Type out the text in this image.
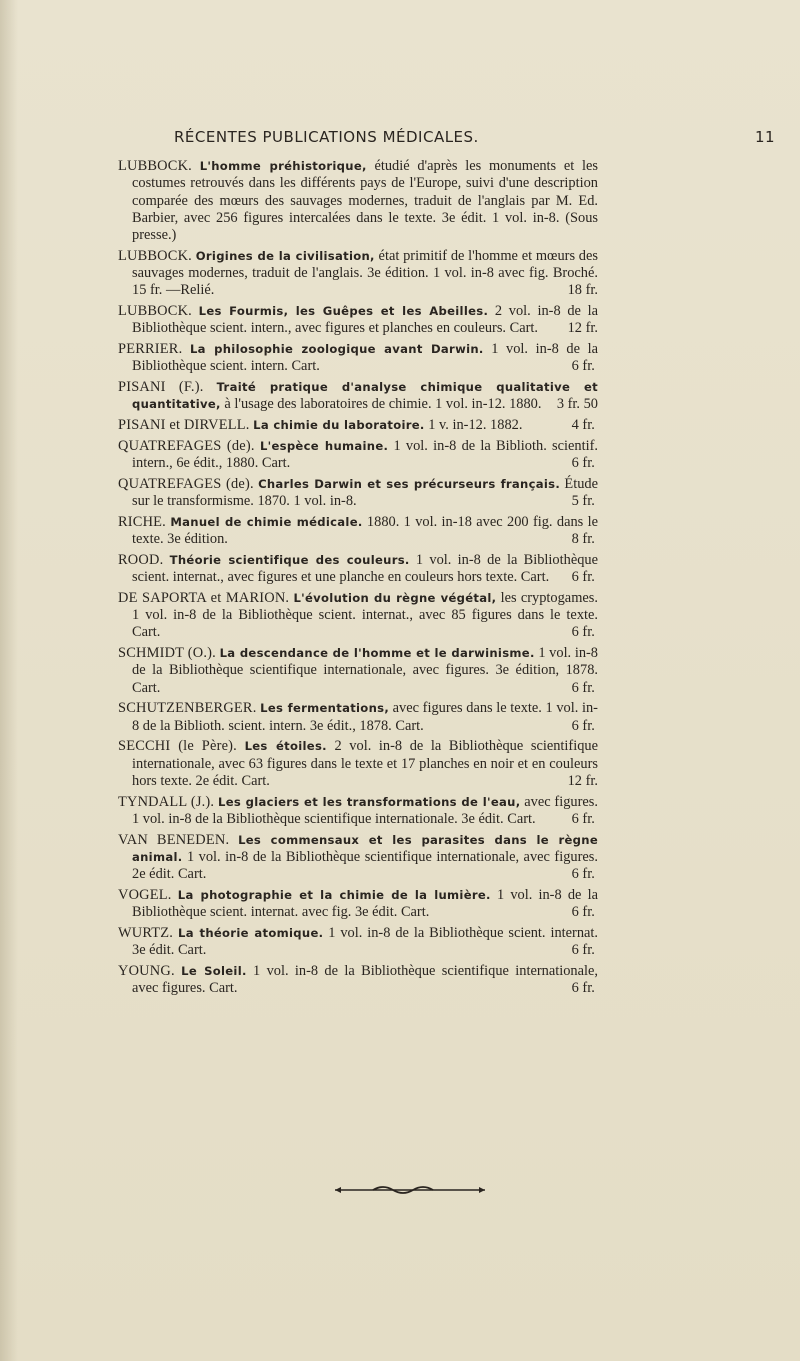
RÉCENTES PUBLICATIONS MÉDICALES.	11

LUBBOCK. L'homme préhistorique, étudié d'après les monuments et les costumes retrouvés dans les différents pays de l'Europe, suivi d'une description comparée des mœurs des sauvages modernes, traduit de l'anglais par M. Ed. Barbier, avec 256 figures intercalées dans le texte. 3e édit. 1 vol. in-8. (Sous presse.)

LUBBOCK. Origines de la civilisation, état primitif de l'homme et mœurs des sauvages modernes, traduit de l'anglais. 3e édition. 1 vol. in-8 avec fig. Broché. 15 fr. —Relié.	18 fr.

LUBBOCK. Les Fourmis, les Guêpes et les Abeilles. 2 vol. in-8 de la Bibliothèque scient. intern., avec figures et planches en couleurs. Cart. 12 fr.

PERRIER. La philosophie zoologique avant Darwin. 1 vol. in-8 de la Bibliothèque scient. intern. Cart.	6 fr.

PISANI (F.). Traité pratique d'analyse chimique qualitative et quantitative, à l'usage des laboratoires de chimie. 1 vol. in-12. 1880. 3 fr. 50

PISANI et DIRVELL. La chimie du laboratoire. 1 v. in-12. 1882.	4 fr.

QUATREFAGES (de). L'espèce humaine. 1 vol. in-8 de la Biblioth. scientif. intern., 6e édit., 1880. Cart.	6 fr.

QUATREFAGES (de). Charles Darwin et ses précurseurs français. Étude sur le transformisme. 1870. 1 vol. in-8.	5 fr.

RICHE. Manuel de chimie médicale. 1880. 1 vol. in-18 avec 200 fig. dans le texte. 3e édition.	8 fr.

ROOD. Théorie scientifique des couleurs. 1 vol. in-8 de la Bibliothèque scient. internat., avec figures et une planche en couleurs hors texte. Cart. 6 fr.

DE SAPORTA et MARION. L'évolution du règne végétal, les cryptogames. 1 vol. in-8 de la Bibliothèque scient. internat., avec 85 figures dans le texte. Cart.	6 fr.

SCHMIDT (O.). La descendance de l'homme et le darwinisme. 1 vol. in-8 de la Bibliothèque scientifique internationale, avec figures. 3e édition, 1878. Cart.	6 fr.

SCHUTZENBERGER. Les fermentations, avec figures dans le texte. 1 vol. in-8 de la Biblioth. scient. intern. 3e édit., 1878. Cart.	6 fr.

SECCHI (le Père). Les étoiles. 2 vol. in-8 de la Bibliothèque scientifique internationale, avec 63 figures dans le texte et 17 planches en noir et en couleurs hors texte. 2e édit. Cart.	12 fr.

TYNDALL (J.). Les glaciers et les transformations de l'eau, avec figures. 1 vol. in-8 de la Bibliothèque scientifique internationale. 3e édit. Cart. 6 fr.

VAN BENEDEN. Les commensaux et les parasites dans le règne animal. 1 vol. in-8 de la Bibliothèque scientifique internationale, avec figures. 2e édit. Cart.	6 fr.

VOGEL. La photographie et la chimie de la lumière. 1 vol. in-8 de la Bibliothèque scient. internat. avec fig. 3e édit. Cart.	6 fr.

WURTZ. La théorie atomique. 1 vol. in-8 de la Bibliothèque scient. internat. 3e édit. Cart.	6 fr.

YOUNG. Le Soleil. 1 vol. in-8 de la Bibliothèque scientifique internationale, avec figures. Cart.	6 fr.
